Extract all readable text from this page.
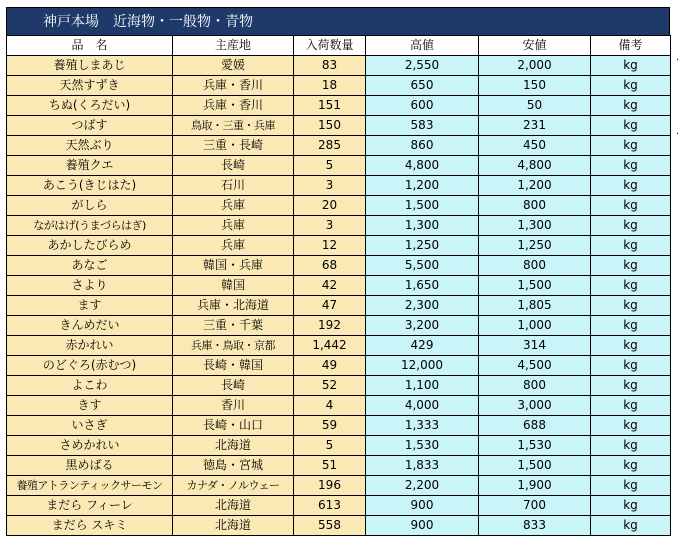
神戸本場　近海物・一般物・青物
品　名	主産地	入荷数量	高値	安値	備考
養殖しまあじ	愛媛	83	2,550	2,000	kg
天然すずき	兵庫・香川	18	650	150	kg
ちぬ(くろだい)	兵庫・香川	151	600	50	kg
つばす	鳥取・三重・兵庫	150	583	231	kg
天然ぶり	三重・長崎	285	860	450	kg
養殖クエ	長崎	5	4,800	4,800	kg
あこう(きじはた)	石川	3	1,200	1,200	kg
がしら	兵庫	20	1,500	800	kg
ながはげ(うまづらはぎ)	兵庫	3	1,300	1,300	kg
あかしたびらめ	兵庫	12	1,250	1,250	kg
あなご	韓国・兵庫	68	5,500	800	kg
さより	韓国	42	1,650	1,500	kg
ます	兵庫・北海道	47	2,300	1,805	kg
きんめだい	三重・千葉	192	3,200	1,000	kg
赤かれい	兵庫・鳥取・京都	1,442	429	314	kg
のどぐろ(赤むつ)	長崎・韓国	49	12,000	4,500	kg
よこわ	長崎	52	1,100	800	kg
きす	香川	4	4,000	3,000	kg
いさぎ	長崎・山口	59	1,333	688	kg
さめかれい	北海道	5	1,530	1,530	kg
黒めばる	徳島・宮城	51	1,833	1,500	kg
養殖アトランティックサーモン	カナダ・ノルウェー	196	2,200	1,900	kg
まだら フィーレ	北海道	613	900	700	kg
まだら スキミ	北海道	558	900	833	kg
.
.
